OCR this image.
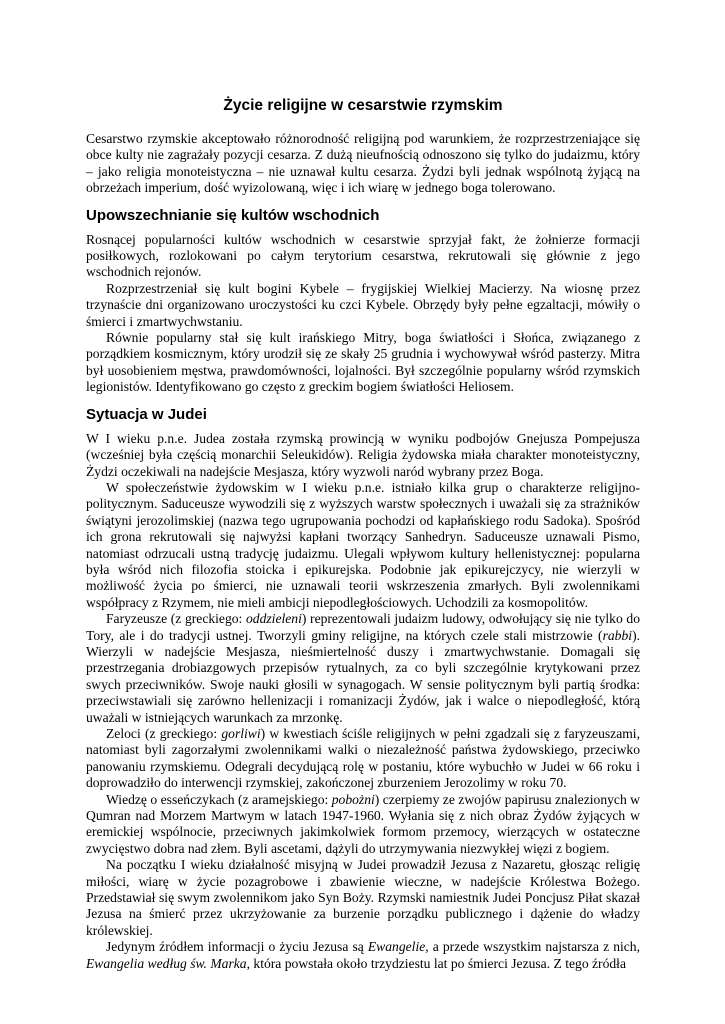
Życie religijne w cesarstwie rzymskim

Cesarstwo rzymskie akceptowało różnorodność religijną pod warunkiem, że rozprzestrzeniające się obce kulty nie zagrażały pozycji cesarza. Z dużą nieufnością odnoszono się tylko do judaizmu, który – jako religia monoteistyczna – nie uznawał kultu cesarza. Żydzi byli jednak wspólnotą żyjącą na obrzeżach imperium, dość wyizolowaną, więc i ich wiarę w jednego boga tolerowano.

Upowszechnianie się kultów wschodnich

Rosnącej popularności kultów wschodnich w cesarstwie sprzyjał fakt, że żołnierze formacji posiłkowych, rozlokowani po całym terytorium cesarstwa, rekrutowali się głównie z jego wschodnich rejonów.

Rozprzestrzeniał się kult bogini Kybele – frygijskiej Wielkiej Macierzy. Na wiosnę przez trzynaście dni organizowano uroczystości ku czci Kybele. Obrzędy były pełne egzaltacji, mówiły o śmierci i zmartwychwstaniu.

Równie popularny stał się kult irańskiego Mitry, boga światłości i Słońca, związanego z porządkiem kosmicznym, który urodził się ze skały 25 grudnia i wychowywał wśród pasterzy. Mitra był uosobieniem męstwa, prawdomówności, lojalności. Był szczególnie popularny wśród rzymskich legionistów. Identyfikowano go często z greckim bogiem światłości Heliosem.

Sytuacja w Judei

W I wieku p.n.e. Judea została rzymską prowincją w wyniku podbojów Gnejusza Pompejusza (wcześniej była częścią monarchii Seleukidów). Religia żydowska miała charakter monoteistyczny, Żydzi oczekiwali na nadejście Mesjasza, który wyzwoli naród wybrany przez Boga.

W społeczeństwie żydowskim w I wieku p.n.e. istniało kilka grup o charakterze religijno-politycznym. Saduceusze wywodzili się z wyższych warstw społecznych i uważali się za strażników świątyni jerozolimskiej (nazwa tego ugrupowania pochodzi od kapłańskiego rodu Sadoka). Spośród ich grona rekrutowali się najwyżsi kapłani tworzący Sanhedryn. Saduceusze uznawali Pismo, natomiast odrzucali ustną tradycję judaizmu. Ulegali wpływom kultury hellenistycznej: popularna była wśród nich filozofia stoicka i epikurejska. Podobnie jak epikurejczycy, nie wierzyli w możliwość życia po śmierci, nie uznawali teorii wskrzeszenia zmarłych. Byli zwolennikami współpracy z Rzymem, nie mieli ambicji niepodległościowych. Uchodzili za kosmopolitów.

Faryzeusze (z greckiego: oddzieleni) reprezentowali judaizm ludowy, odwołujący się nie tylko do Tory, ale i do tradycji ustnej. Tworzyli gminy religijne, na których czele stali mistrzowie (rabbi). Wierzyli w nadejście Mesjasza, nieśmiertelność duszy i zmartwychwstanie. Domagali się przestrzegania drobiazgowych przepisów rytualnych, za co byli szczególnie krytykowani przez swych przeciwników. Swoje nauki głosili w synagogach. W sensie politycznym byli partią środka: przeciwstawiali się zarówno hellenizacji i romanizacji Żydów, jak i walce o niepodległość, którą uważali w istniejących warunkach za mrzonkę.

Zeloci (z greckiego: gorliwi) w kwestiach ściśle religijnych w pełni zgadzali się z faryzeuszami, natomiast byli zagorzałymi zwolennikami walki o niezależność państwa żydowskiego, przeciwko panowaniu rzymskiemu. Odegrali decydującą rolę w postaniu, które wybuchło w Judei w 66 roku i doprowadziło do interwencji rzymskiej, zakończonej zburzeniem Jerozolimy w roku 70.

Wiedzę o esseńczykach (z aramejskiego: pobożni) czerpiemy ze zwojów papirusu znalezionych w Qumran nad Morzem Martwym w latach 1947-1960. Wyłania się z nich obraz Żydów żyjących w eremickiej wspólnocie, przeciwnych jakimkolwiek formom przemocy, wierzących w ostateczne zwycięstwo dobra nad złem. Byli ascetami, dążyli do utrzymywania niezwykłej więzi z bogiem.

Na początku I wieku działalność misyjną w Judei prowadził Jezusa z Nazaretu, głosząc religię miłości, wiarę w życie pozagrobowe i zbawienie wieczne, w nadejście Królestwa Bożego. Przedstawiał się swym zwolennikom jako Syn Boży. Rzymski namiestnik Judei Poncjusz Piłat skazał Jezusa na śmierć przez ukrzyżowanie za burzenie porządku publicznego i dążenie do władzy królewskiej.

Jedynym źródłem informacji o życiu Jezusa są Ewangelie, a przede wszystkim najstarsza z nich, Ewangelia według św. Marka, która powstała około trzydziestu lat po śmierci Jezusa. Z tego źródła
